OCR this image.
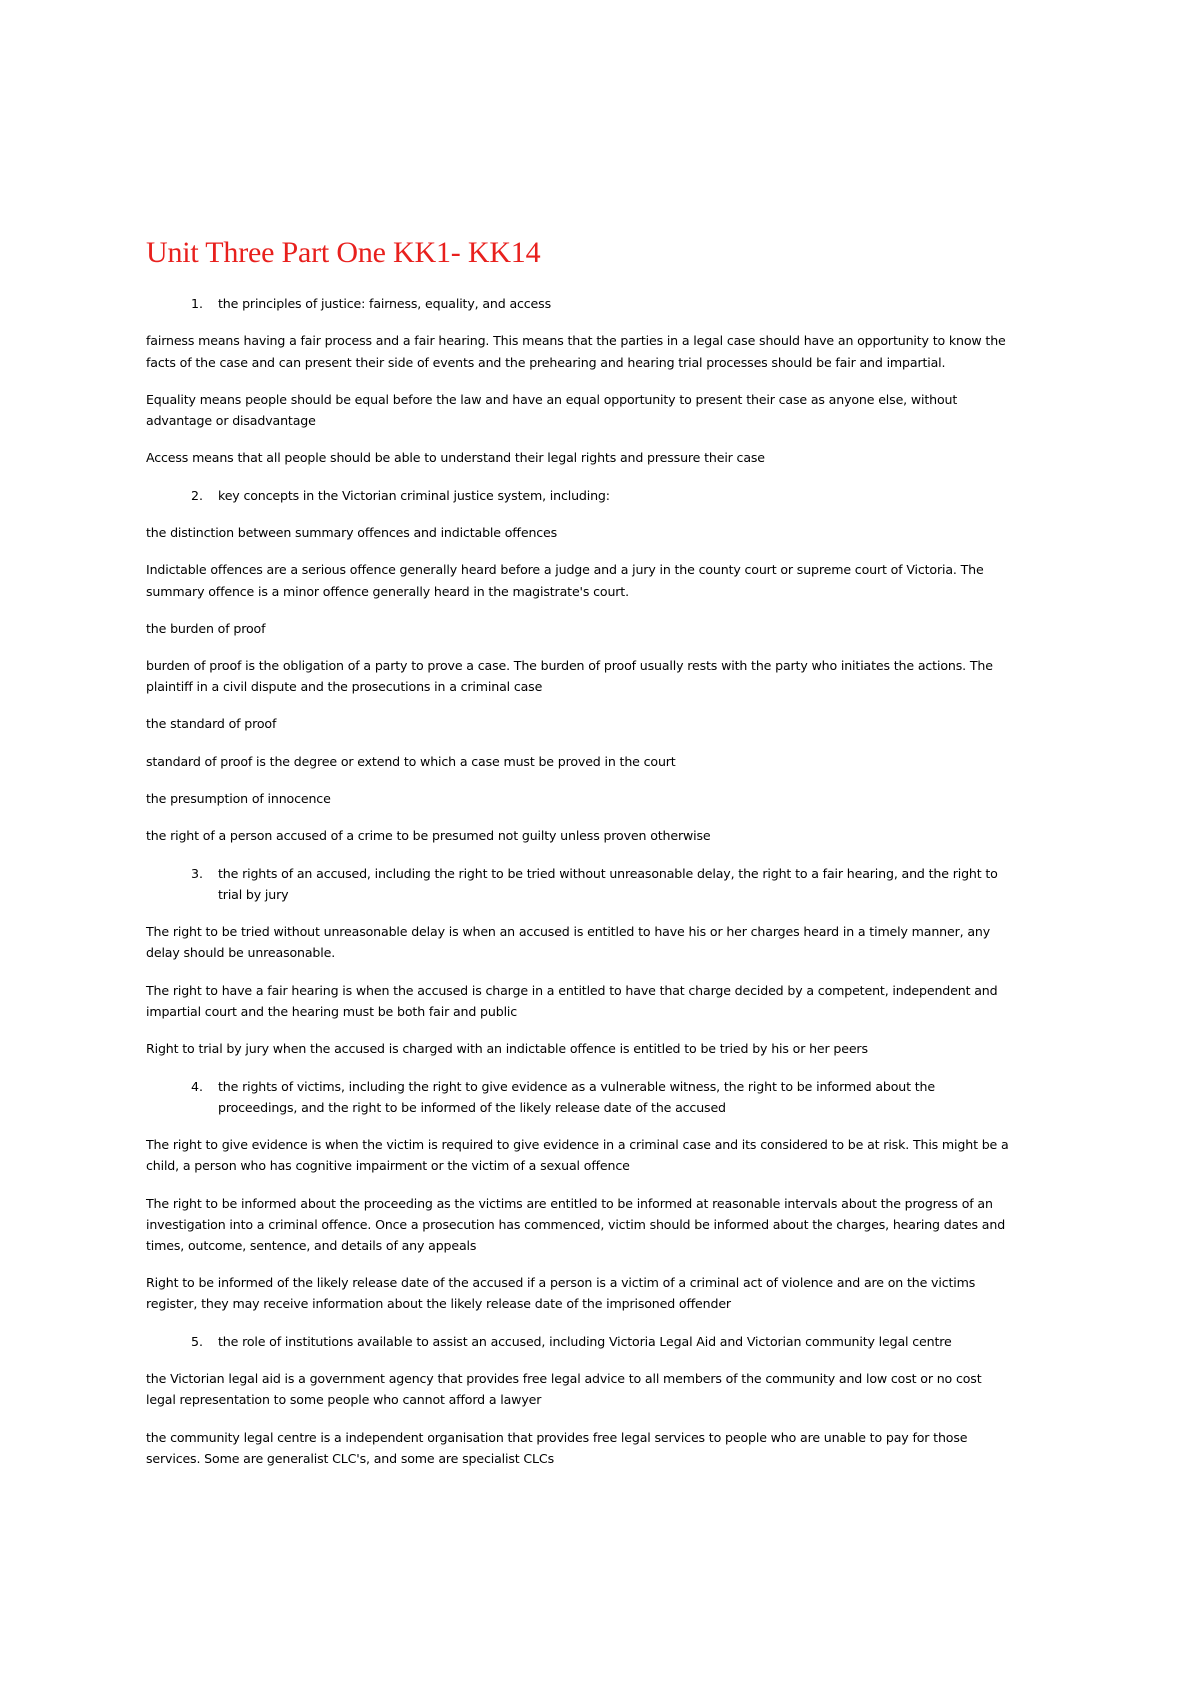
Unit Three Part One KK1- KK14
1. the principles of justice: fairness, equality, and access
fairness means having a fair process and a fair hearing. This means that the parties in a legal case should have an opportunity to know the
facts of the case and can present their side of events and the prehearing and hearing trial processes should be fair and impartial.
Equality means people should be equal before the law and have an equal opportunity to present their case as anyone else, without
advantage or disadvantage
Access means that all people should be able to understand their legal rights and pressure their case
2. key concepts in the Victorian criminal justice system, including:
the distinction between summary offences and indictable offences
Indictable offences are a serious offence generally heard before a judge and a jury in the county court or supreme court of Victoria. The
summary offence is a minor offence generally heard in the magistrate's court.
the burden of proof
burden of proof is the obligation of a party to prove a case. The burden of proof usually rests with the party who initiates the actions. The
plaintiff in a civil dispute and the prosecutions in a criminal case
the standard of proof
standard of proof is the degree or extend to which a case must be proved in the court
the presumption of innocence
the right of a person accused of a crime to be presumed not guilty unless proven otherwise
3. the rights of an accused, including the right to be tried without unreasonable delay, the right to a fair hearing, and the right to
trial by jury
The right to be tried without unreasonable delay is when an accused is entitled to have his or her charges heard in a timely manner, any
delay should be unreasonable.
The right to have a fair hearing is when the accused is charge in a entitled to have that charge decided by a competent, independent and
impartial court and the hearing must be both fair and public
Right to trial by jury when the accused is charged with an indictable offence is entitled to be tried by his or her peers
4. the rights of victims, including the right to give evidence as a vulnerable witness, the right to be informed about the
proceedings, and the right to be informed of the likely release date of the accused
The right to give evidence is when the victim is required to give evidence in a criminal case and its considered to be at risk. This might be a
child, a person who has cognitive impairment or the victim of a sexual offence
The right to be informed about the proceeding as the victims are entitled to be informed at reasonable intervals about the progress of an
investigation into a criminal offence. Once a prosecution has commenced, victim should be informed about the charges, hearing dates and
times, outcome, sentence, and details of any appeals
Right to be informed of the likely release date of the accused if a person is a victim of a criminal act of violence and are on the victims
register, they may receive information about the likely release date of the imprisoned offender
5. the role of institutions available to assist an accused, including Victoria Legal Aid and Victorian community legal centre
the Victorian legal aid is a government agency that provides free legal advice to all members of the community and low cost or no cost
legal representation to some people who cannot afford a lawyer
the community legal centre is a independent organisation that provides free legal services to people who are unable to pay for those
services. Some are generalist CLC's, and some are specialist CLCs
